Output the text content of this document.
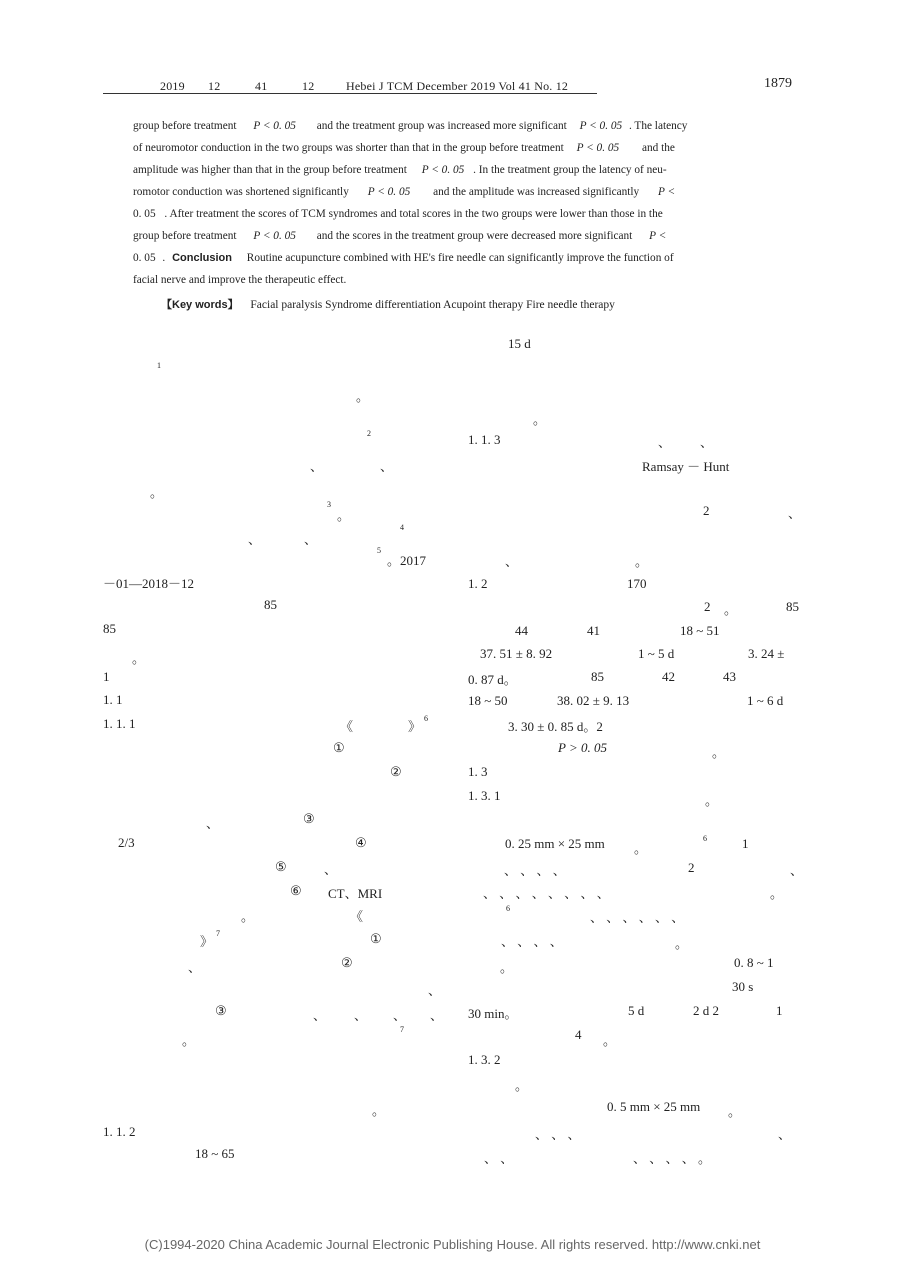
2019 12	41	12	Hebei J TCM December 2019 Vol 41 No. 12	1879
group before treatment P < 0. 05 and the treatment group was increased more significant P < 0. 05 . The latency
of neuromotor conduction in the two groups was shorter than that in the group before treatment P < 0. 05 and the
amplitude was higher than that in the group before treatment P < 0. 05 . In the treatment group the latency of neu-
romotor conduction was shortened significantly P < 0. 05 and the amplitude was increased significantly P <
0. 05 . After treatment the scores of TCM syndromes and total scores in the two groups were lower than those in the
group before treatment P < 0. 05 and the scores in the treatment group were decreased more significant P <
0. 05 . Conclusion Routine acupuncture combined with HE's fire needle can significantly improve the function of
facial nerve and improve the therapeutic effect.
【Key words】 Facial paralysis Syndrome differentiation Acupoint therapy Fire needle therapy
1
。
2
、	、
。
3
。
4
、	、
5
。2017
－01—2018－12
85
85
。
1
1. 1
1. 1. 1	《	》
6
①
②
、	③
2/3	④
⑤	、
⑥ CT、MRI
。	《
》
7	①
、	②
、
③	、 、 、 、
。
7
。
1. 1. 2
18 ~ 65
15 d
。
1. 1. 3	、 、
Ramsay － Hunt
2	、
、	。
1. 2	170
2 。	85
44	41	18 ~ 51
37. 51 ± 8. 92	1 ~ 5 d	3. 24 ±
0. 87 d。	85	42	43
18 ~ 50	38. 02 ± 9. 13	1 ~ 6 d
3. 30 ± 0. 85 d。2
P > 0. 05	。
1. 3
1. 3. 1	。
0. 25 mm × 25 mm 。
6	1
、 、 、 、	2	、
、 、 、 、 、 、 、 、	。
6
、 、 、 、 、 、
、 、 、 、	。
。	0. 8 ~ 1
30 s
30 min。	5 d	2 d 2	1
4 。
1. 3. 2
。
0. 5 mm × 25 mm 。
、 、 、	、
、 、	、 、 、 、 。
(C)1994-2020 China Academic Journal Electronic Publishing House. All rights reserved. http://www.cnki.net
